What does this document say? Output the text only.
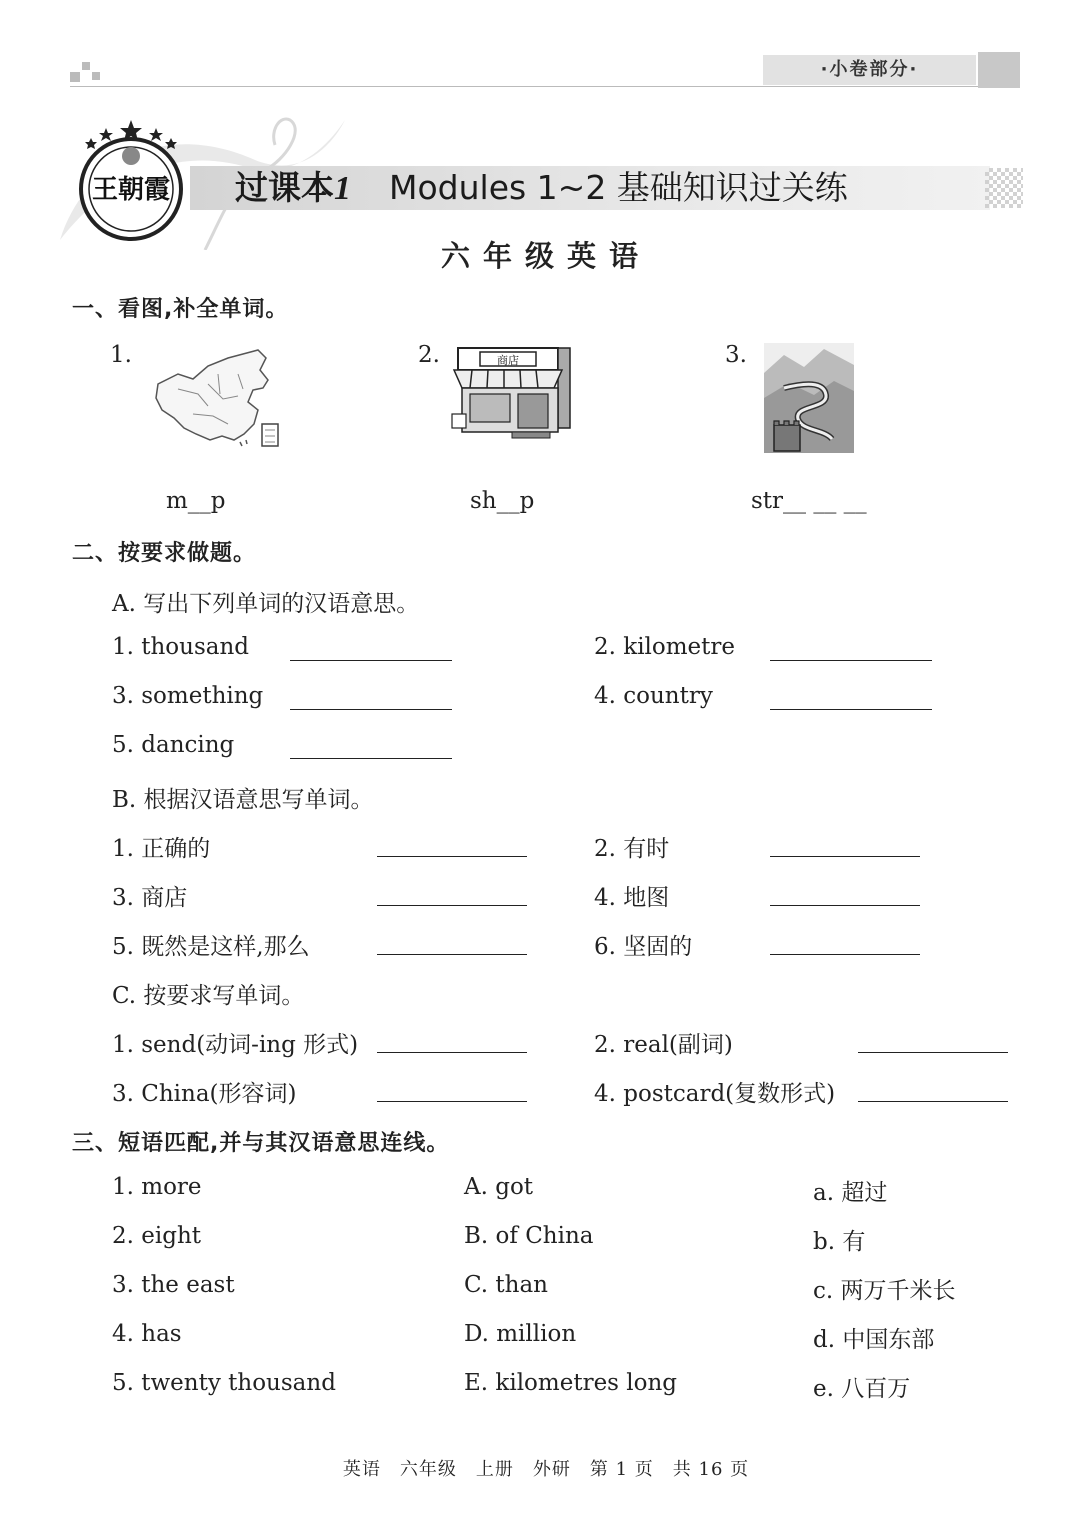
·小卷部分·
王朝霞 过课本1 Modules 1~2 基础知识过关练
六年级英语
一、看图,补全单词。
1.
m__p
2.	商店
sh__p
3.
str__ __ __
二、按要求做题。
A. 写出下列单词的汉语意思。
1. thousand	2. kilometre
3. something	4. country
5. dancing
B. 根据汉语意思写单词。
1. 正确的	2. 有时
3. 商店	4. 地图
5. 既然是这样,那么	6. 坚固的
C. 按要求写单词。
1. send(动词-ing 形式)	2. real(副词)
3. China(形容词)	4. postcard(复数形式)
三、短语匹配,并与其汉语意思连线。
1. more	A. got	a. 超过
2. eight	B. of China	b. 有
3. the east	C. than	c. 两万千米长
4. has	D. million	d. 中国东部
5. twenty thousand	E. kilometres long	e. 八百万
英语　六年级　上册　外研　第 1 页　共 16 页
